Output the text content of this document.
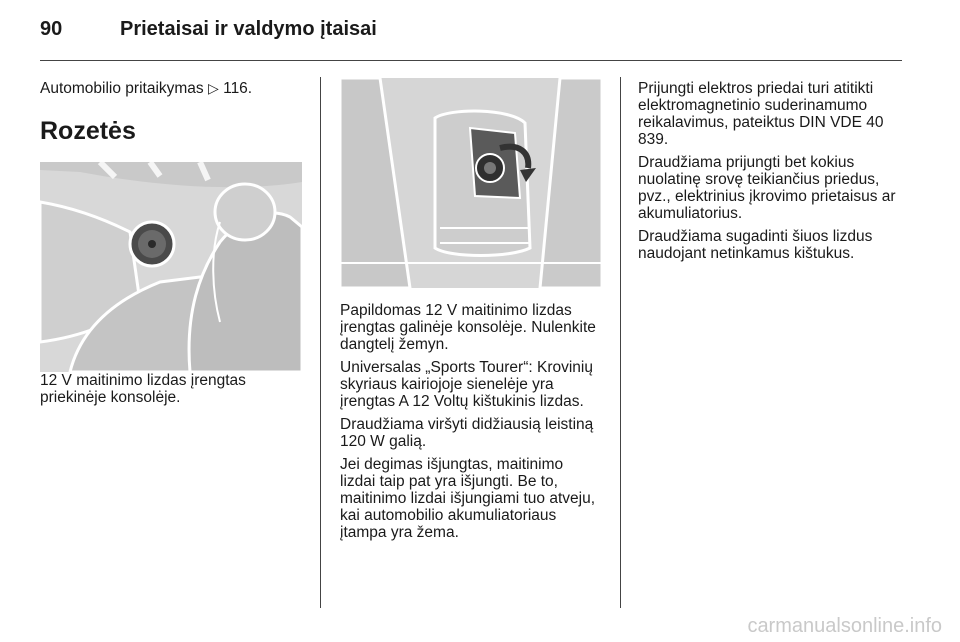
90	Prietaisai ir valdymo įtaisai

Automobilio pritaikymas ▷ 116.

Rozetės

12 V maitinimo lizdas įrengtas priekinėje konsolėje.

Papildomas 12 V maitinimo lizdas įrengtas galinėje konsolėje. Nulenkite dangtelį žemyn.

Universalas „Sports Tourer“: Krovinių skyriaus kairiojoje sienelėje yra įrengtas A 12 Voltų kištukinis lizdas.

Draudžiama viršyti didžiausią leistiną 120 W galią.

Jei degimas išjungtas, maitinimo lizdai taip pat yra išjungti. Be to, maitinimo lizdai išjungiami tuo atveju, kai automobilio akumuliatoriaus įtampa yra žema.

Prijungti elektros priedai turi atitikti elektromagnetinio suderinamumo reikalavimus, pateiktus DIN VDE 40 839.

Draudžiama prijungti bet kokius nuolatinę srovę teikiančius priedus, pvz., elektrinius įkrovimo prietaisus ar akumuliatorius.

Draudžiama sugadinti šiuos lizdus naudojant netinkamus kištukus.

carmanualsonline.info
